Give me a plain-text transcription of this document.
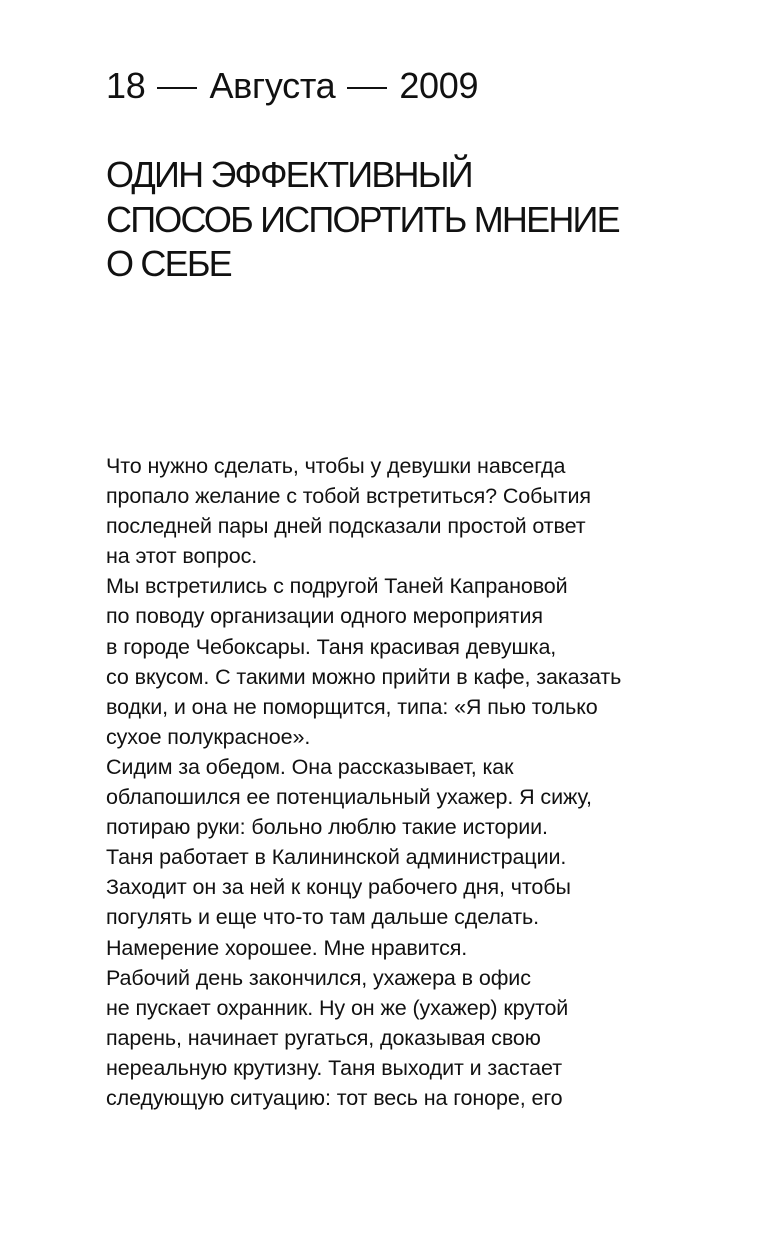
18 Августа 2009
ОДИН ЭФФЕКТИВНЫЙ
СПОСОБ ИСПОРТИТЬ МНЕНИЕ
О СЕБЕ
Что нужно сделать, чтобы у девушки навсегда
пропало желание с тобой встретиться? События
последней пары дней подсказали простой ответ
на этот вопрос.
Мы встретились с подругой Таней Капрановой
по поводу организации одного мероприятия
в городе Чебоксары. Таня красивая девушка,
со вкусом. С такими можно прийти в кафе, заказать
водки, и она не поморщится, типа: «Я пью только
сухое полукрасное».
Сидим за обедом. Она рассказывает, как
облапошился ее потенциальный ухажер. Я сижу,
потираю руки: больно люблю такие истории.
Таня работает в Калининской администрации.
Заходит он за ней к концу рабочего дня, чтобы
погулять и еще что-то там дальше сделать.
Намерение хорошее. Мне нравится.
Рабочий день закончился, ухажера в офис
не пускает охранник. Ну он же (ухажер) крутой
парень, начинает ругаться, доказывая свою
нереальную крутизну. Таня выходит и застает
следующую ситуацию: тот весь на гоноре, его
